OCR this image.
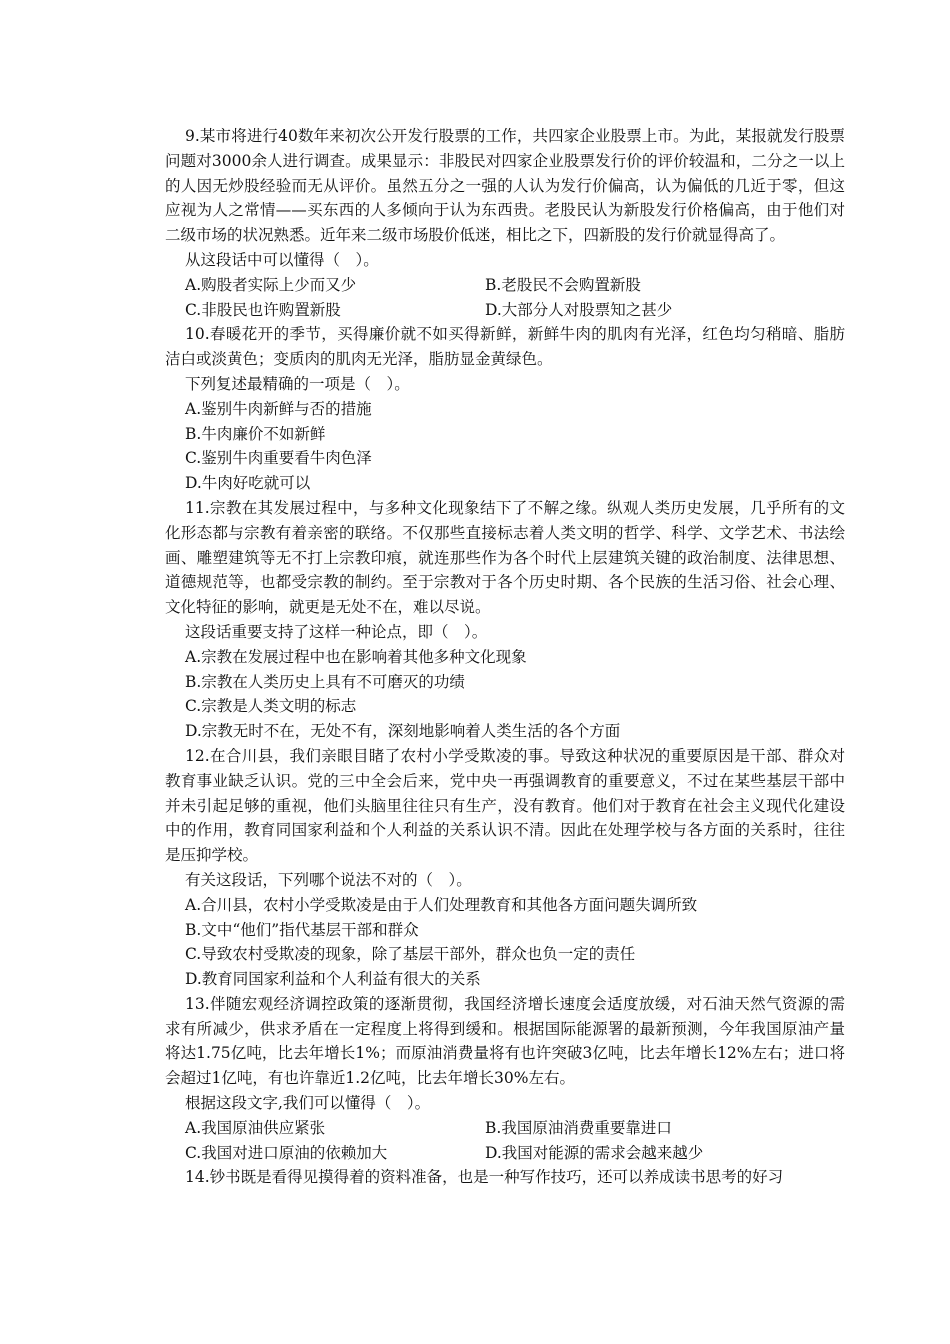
9.某市将进行40数年来初次公开发行股票的工作，共四家企业股票上市。为此，某报就发行股票问题对3000余人进行调查。成果显示：非股民对四家企业股票发行价的评价较温和，二分之一以上的人因无炒股经验而无从评价。虽然五分之一强的人认为发行价偏高，认为偏低的几近于零，但这应视为人之常情——买东西的人多倾向于认为东西贵。老股民认为新股发行价格偏高，由于他们对二级市场的状况熟悉。近年来二级市场股价低迷，相比之下，四新股的发行价就显得高了。

从这段话中可以懂得（　）。

A.购股者实际上少而又少	B.老股民不会购置新股
C.非股民也许购置新股	D.大部分人对股票知之甚少

10.春暖花开的季节，买得廉价就不如买得新鲜，新鲜牛肉的肌肉有光泽，红色均匀稍暗、脂肪洁白或淡黄色；变质肉的肌肉无光泽，脂肪显金黄绿色。

下列复述最精确的一项是（　）。

A.鉴别牛肉新鲜与否的措施
B.牛肉廉价不如新鲜
C.鉴别牛肉重要看牛肉色泽
D.牛肉好吃就可以

11.宗教在其发展过程中，与多种文化现象结下了不解之缘。纵观人类历史发展，几乎所有的文化形态都与宗教有着亲密的联络。不仅那些直接标志着人类文明的哲学、科学、文学艺术、书法绘画、雕塑建筑等无不打上宗教印痕，就连那些作为各个时代上层建筑关键的政治制度、法律思想、道德规范等，也都受宗教的制约。至于宗教对于各个历史时期、各个民族的生活习俗、社会心理、文化特征的影响，就更是无处不在，难以尽说。

这段话重要支持了这样一种论点，即（　）。

A.宗教在发展过程中也在影响着其他多种文化现象
B.宗教在人类历史上具有不可磨灭的功绩
C.宗教是人类文明的标志
D.宗教无时不在，无处不有，深刻地影响着人类生活的各个方面

12.在合川县，我们亲眼目睹了农村小学受欺凌的事。导致这种状况的重要原因是干部、群众对教育事业缺乏认识。党的三中全会后来，党中央一再强调教育的重要意义，不过在某些基层干部中并未引起足够的重视，他们头脑里往往只有生产，没有教育。他们对于教育在社会主义现代化建设中的作用，教育同国家利益和个人利益的关系认识不清。因此在处理学校与各方面的关系时，往往是压抑学校。

有关这段话，下列哪个说法不对的（　）。

A.合川县，农村小学受欺凌是由于人们处理教育和其他各方面问题失调所致
B.文中“他们”指代基层干部和群众
C.导致农村受欺凌的现象，除了基层干部外，群众也负一定的责任
D.教育同国家利益和个人利益有很大的关系

13.伴随宏观经济调控政策的逐渐贯彻，我国经济增长速度会适度放缓，对石油天然气资源的需求有所减少，供求矛盾在一定程度上将得到缓和。根据国际能源署的最新预测，今年我国原油产量将达1.75亿吨，比去年增长1%；而原油消费量将有也许突破3亿吨，比去年增长12%左右；进口将会超过1亿吨，有也许靠近1.2亿吨，比去年增长30%左右。

根据这段文字,我们可以懂得（　）。

A.我国原油供应紧张	B.我国原油消费重要靠进口
C.我国对进口原油的依赖加大	D.我国对能源的需求会越来越少

14.钞书既是看得见摸得着的资料准备，也是一种写作技巧，还可以养成读书思考的好习
